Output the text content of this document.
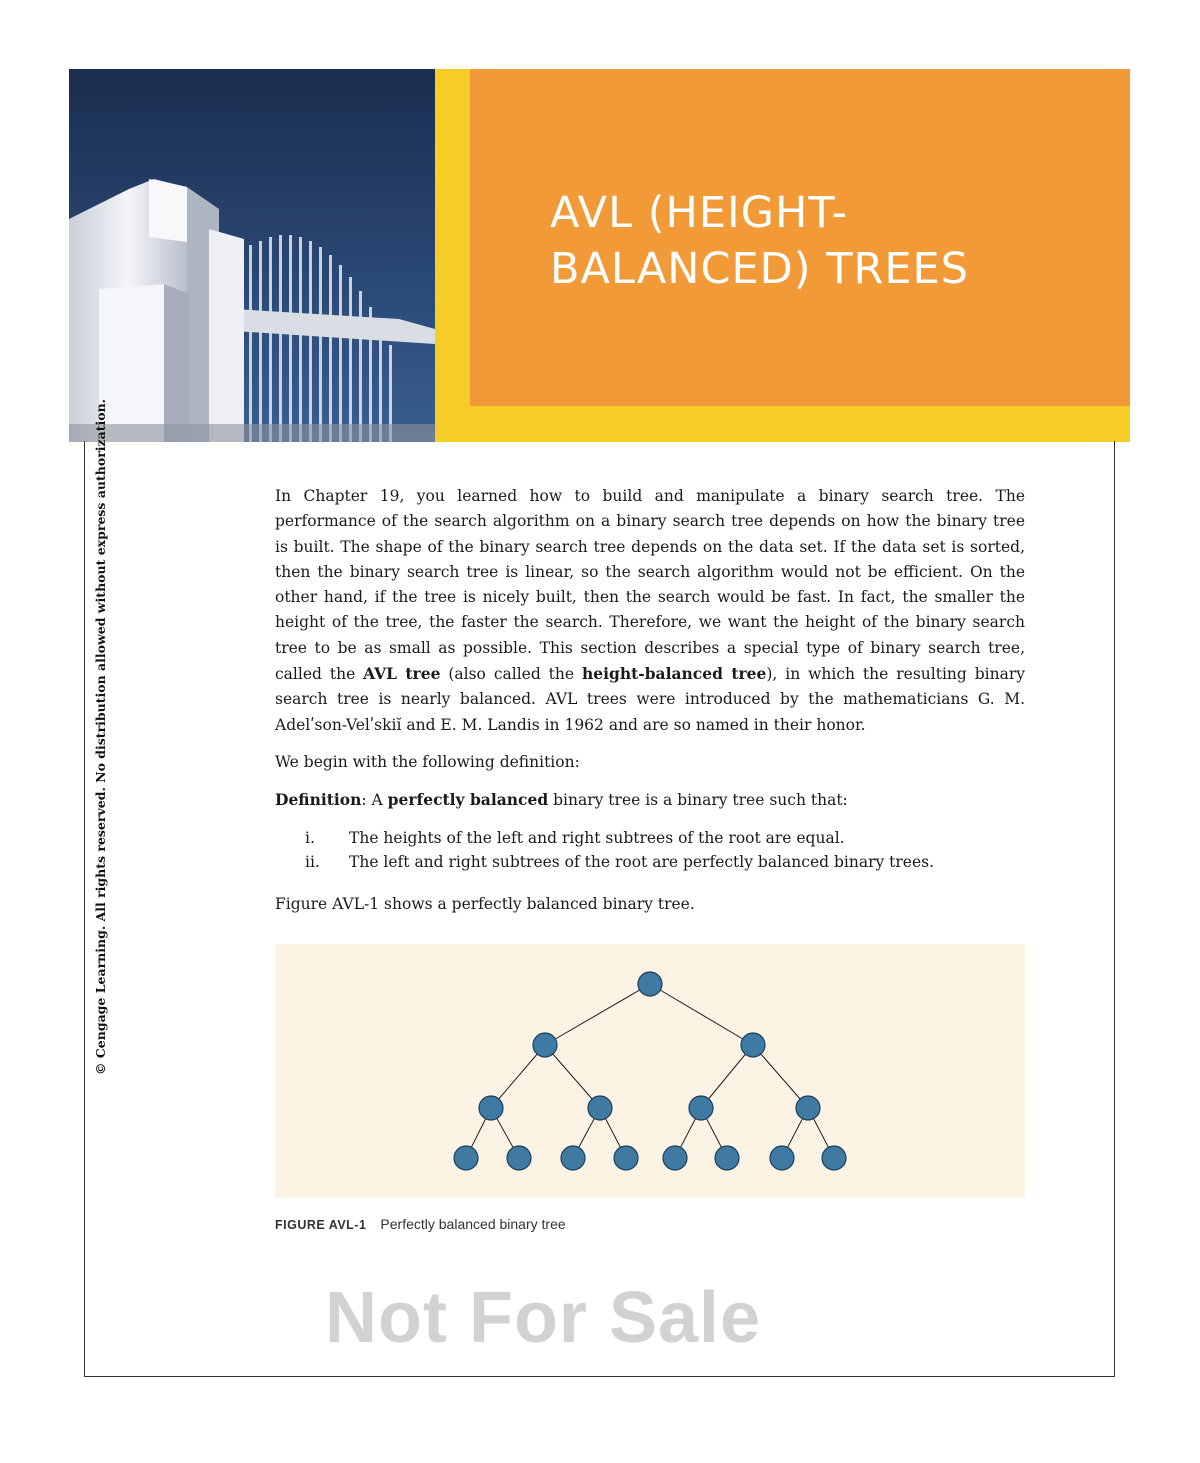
AVL (HEIGHT-
BALANCED) TREES
© Cengage Learning. All rights reserved. No distribution allowed without express authorization.	In Chapter 19, you learned how to build and manipulate a binary search tree. The performance of the search algorithm on a binary search tree depends on how the binary tree is built. The shape of the binary search tree depends on the data set. If the data set is sorted, then the binary search tree is linear, so the search algorithm would not be efficient. On the other hand, if the tree is nicely built, then the search would be fast. In fact, the smaller the height of the tree, the faster the search. Therefore, we want the height of the binary search tree to be as small as possible. This section describes a special type of binary search tree, called the AVL tree (also called the height-balanced tree), in which the resulting binary search tree is nearly balanced. AVL trees were introduced by the mathematicians G. M. Adelʹson-Velʹskiĭ and E. M. Landis in 1962 and are so named in their honor.

We begin with the following definition:

Definition: A perfectly balanced binary tree is a binary tree such that:

i.	The heights of the left and right subtrees of the root are equal.
ii.	The left and right subtrees of the root are perfectly balanced binary trees.

Figure AVL-1 shows a perfectly balanced binary tree.

FIGURE AVL-1 Perfectly balanced binary tree
Not For Sale
